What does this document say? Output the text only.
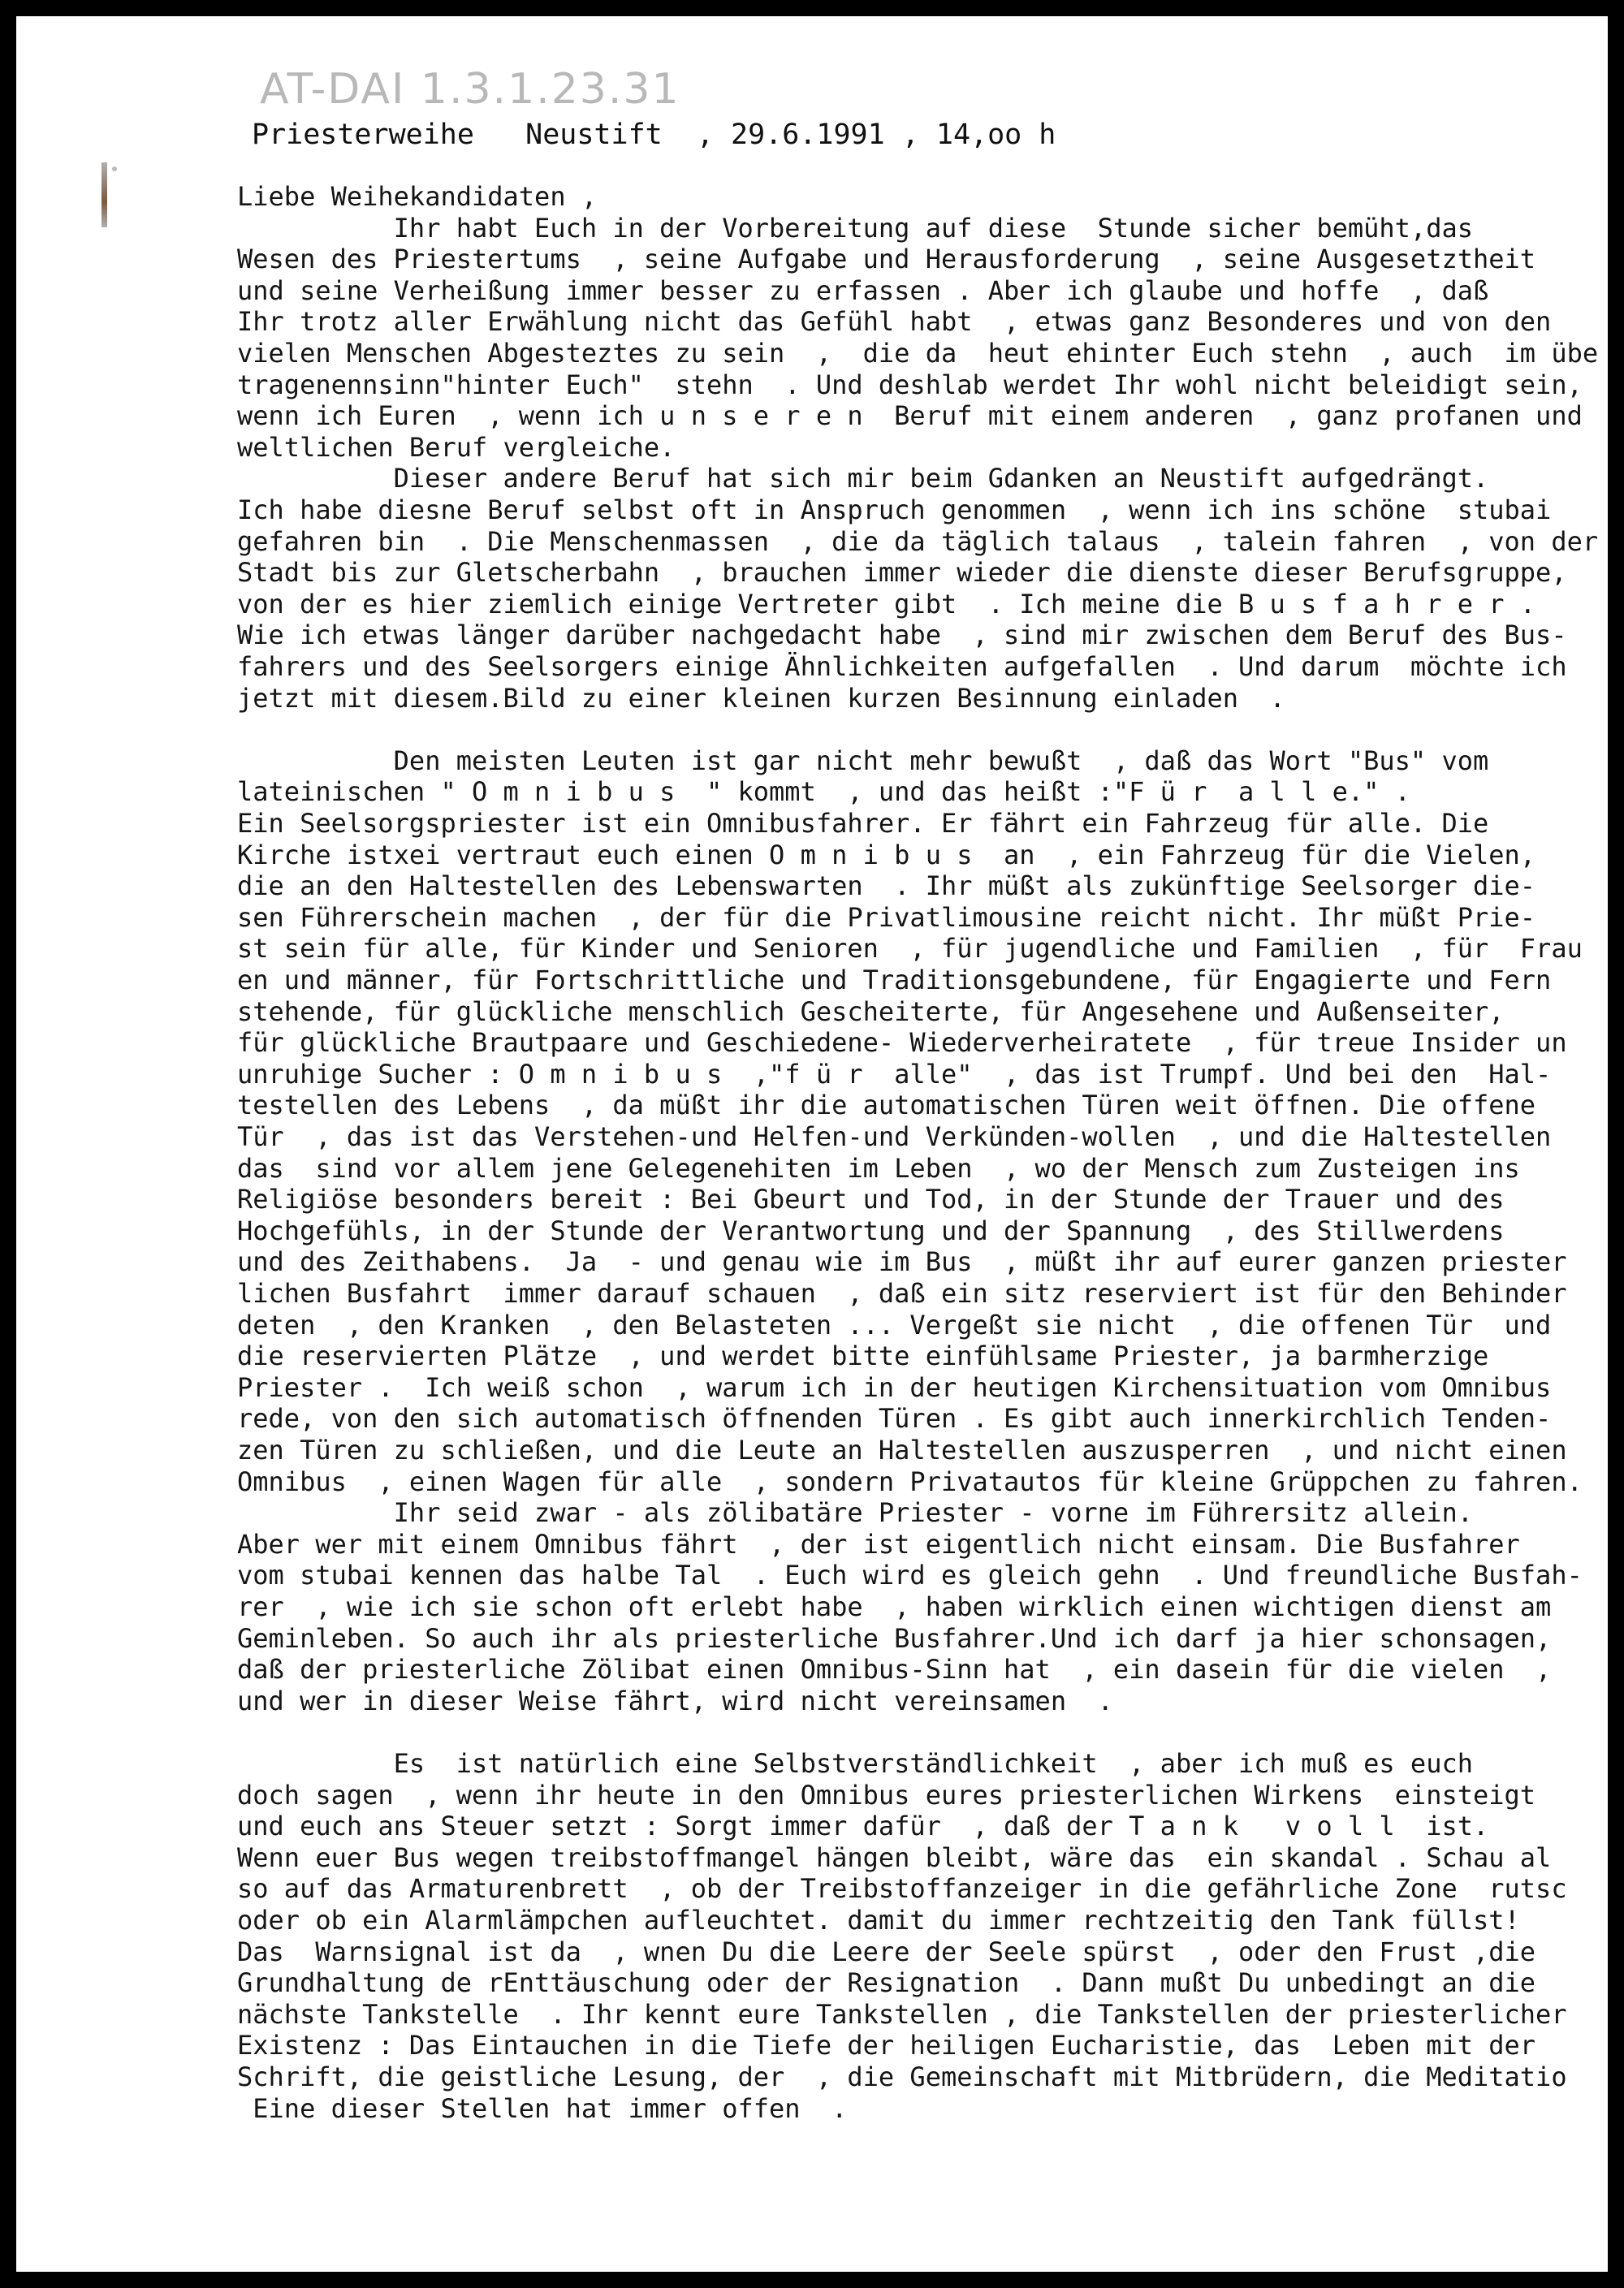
AT-DAI 1.3.1.23.31
Priesterweihe   Neustift  , 29.6.1991 , 14,oo h
Liebe Weihekandidaten ,
Ihr habt Euch in der Vorbereitung auf diese  Stunde sicher bemüht,das
Wesen des Priestertums  , seine Aufgabe und Herausforderung  , seine Ausgesetztheit
und seine Verheißung immer besser zu erfassen . Aber ich glaube und hoffe  , daß
Ihr trotz aller Erwählung nicht das Gefühl habt  , etwas ganz Besonderes und von den
vielen Menschen Abgesteztes zu sein  ,  die da  heut ehinter Euch stehn  , auch  im übe
tragenennsinn"hinter Euch"  stehn  . Und deshlab werdet Ihr wohl nicht beleidigt sein,
wenn ich Euren  , wenn ich u n s e r e n  Beruf mit einem anderen  , ganz profanen und
weltlichen Beruf vergleiche.
Dieser andere Beruf hat sich mir beim Gdanken an Neustift aufgedrängt.
Ich habe diesne Beruf selbst oft in Anspruch genommen  , wenn ich ins schöne  stubai
gefahren bin  . Die Menschenmassen  , die da täglich talaus  , talein fahren  , von der
Stadt bis zur Gletscherbahn  , brauchen immer wieder die dienste dieser Berufsgruppe,
von der es hier ziemlich einige Vertreter gibt  . Ich meine die B u s f a h r e r .
Wie ich etwas länger darüber nachgedacht habe  , sind mir zwischen dem Beruf des Bus-
fahrers und des Seelsorgers einige Ähnlichkeiten aufgefallen  . Und darum  möchte ich
jetzt mit diesem.Bild zu einer kleinen kurzen Besinnung einladen  .
Den meisten Leuten ist gar nicht mehr bewußt  , daß das Wort "Bus" vom
lateinischen " O m n i b u s  " kommt  , und das heißt :"F ü r  a l l e." .
Ein Seelsorgspriester ist ein Omnibusfahrer. Er fährt ein Fahrzeug für alle. Die
Kirche istxei vertraut euch einen O m n i b u s  an  , ein Fahrzeug für die Vielen,
die an den Haltestellen des Lebenswarten  . Ihr müßt als zukünftige Seelsorger die-
sen Führerschein machen  , der für die Privatlimousine reicht nicht. Ihr müßt Prie-
st sein für alle, für Kinder und Senioren  , für jugendliche und Familien  , für  Frau
en und männer, für Fortschrittliche und Traditionsgebundene, für Engagierte und Fern
stehende, für glückliche menschlich Gescheiterte, für Angesehene und Außenseiter,
für glückliche Brautpaare und Geschiedene- Wiederverheiratete  , für treue Insider un
unruhige Sucher : O m n i b u s  ,"f ü r  alle"  , das ist Trumpf. Und bei den  Hal-
testellen des Lebens  , da müßt ihr die automatischen Türen weit öffnen. Die offene
Tür  , das ist das Verstehen-und Helfen-und Verkünden-wollen  , und die Haltestellen
das  sind vor allem jene Gelegenehiten im Leben  , wo der Mensch zum Zusteigen ins
Religiöse besonders bereit : Bei Gbeurt und Tod, in der Stunde der Trauer und des
Hochgefühls, in der Stunde der Verantwortung und der Spannung  , des Stillwerdens
und des Zeithabens.  Ja  - und genau wie im Bus  , müßt ihr auf eurer ganzen priester
lichen Busfahrt  immer darauf schauen  , daß ein sitz reserviert ist für den Behinder
deten  , den Kranken  , den Belasteten ... Vergeßt sie nicht  , die offenen Tür  und
die reservierten Plätze  , und werdet bitte einfühlsame Priester, ja barmherzige
Priester .  Ich weiß schon  , warum ich in der heutigen Kirchensituation vom Omnibus
rede, von den sich automatisch öffnenden Türen . Es gibt auch innerkirchlich Tenden-
zen Türen zu schließen, und die Leute an Haltestellen auszusperren  , und nicht einen
Omnibus  , einen Wagen für alle  , sondern Privatautos für kleine Grüppchen zu fahren.
Ihr seid zwar - als zölibatäre Priester - vorne im Führersitz allein.
Aber wer mit einem Omnibus fährt  , der ist eigentlich nicht einsam. Die Busfahrer
vom stubai kennen das halbe Tal  . Euch wird es gleich gehn  . Und freundliche Busfah-
rer  , wie ich sie schon oft erlebt habe  , haben wirklich einen wichtigen dienst am
Geminleben. So auch ihr als priesterliche Busfahrer.Und ich darf ja hier schonsagen,
daß der priesterliche Zölibat einen Omnibus-Sinn hat  , ein dasein für die vielen  ,
und wer in dieser Weise fährt, wird nicht vereinsamen  .
Es  ist natürlich eine Selbstverständlichkeit  , aber ich muß es euch
doch sagen  , wenn ihr heute in den Omnibus eures priesterlichen Wirkens  einsteigt
und euch ans Steuer setzt : Sorgt immer dafür  , daß der T a n k   v o l l  ist.
Wenn euer Bus wegen treibstoffmangel hängen bleibt, wäre das  ein skandal . Schau al
so auf das Armaturenbrett  , ob der Treibstoffanzeiger in die gefährliche Zone  rutsc
oder ob ein Alarmlämpchen aufleuchtet. damit du immer rechtzeitig den Tank füllst!
Das  Warnsignal ist da  , wnen Du die Leere der Seele spürst  , oder den Frust ,die
Grundhaltung de rEnttäuschung oder der Resignation  . Dann mußt Du unbedingt an die
nächste Tankstelle  . Ihr kennt eure Tankstellen , die Tankstellen der priesterlicher
Existenz : Das Eintauchen in die Tiefe der heiligen Eucharistie, das  Leben mit der
Schrift, die geistliche Lesung, der  , die Gemeinschaft mit Mitbrüdern, die Meditatio
Eine dieser Stellen hat immer offen  .
